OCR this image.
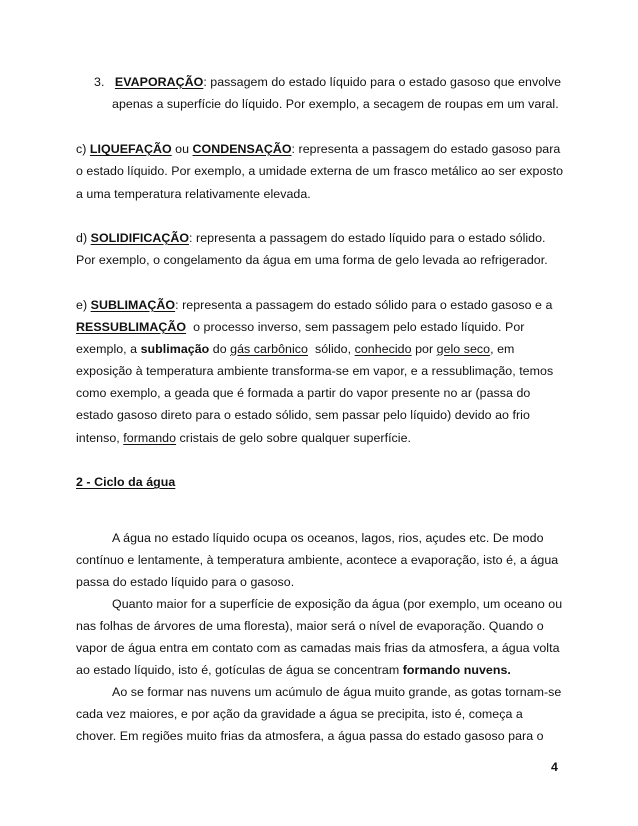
3. EVAPORAÇÃO: passagem do estado líquido para o estado gasoso que envolve
apenas a superfície do líquido. Por exemplo, a secagem de roupas em um varal.
c) LIQUEFAÇÃO ou CONDENSAÇÃO: representa a passagem do estado gasoso para
o estado líquido. Por exemplo, a umidade externa de um frasco metálico ao ser exposto
a uma temperatura relativamente elevada.
d) SOLIDIFICAÇÃO: representa a passagem do estado líquido para o estado sólido.
Por exemplo, o congelamento da água em uma forma de gelo levada ao refrigerador.
e) SUBLIMAÇÃO: representa a passagem do estado sólido para o estado gasoso e a
RESSUBLIMAÇÃO  o processo inverso, sem passagem pelo estado líquido. Por
exemplo, a sublimação do gás carbônico  sólido, conhecido por gelo seco, em
exposição à temperatura ambiente transforma-se em vapor, e a ressublimação, temos
como exemplo, a geada que é formada a partir do vapor presente no ar (passa do
estado gasoso direto para o estado sólido, sem passar pelo líquido) devido ao frio
intenso, formando cristais de gelo sobre qualquer superfície.
2 - Ciclo da água
A água no estado líquido ocupa os oceanos, lagos, rios, açudes etc. De modo
contínuo e lentamente, à temperatura ambiente, acontece a evaporação, isto é, a água
passa do estado líquido para o gasoso.
Quanto maior for a superfície de exposição da água (por exemplo, um oceano ou
nas folhas de árvores de uma floresta), maior será o nível de evaporação. Quando o
vapor de água entra em contato com as camadas mais frias da atmosfera, a água volta
ao estado líquido, isto é, gotículas de água se concentram formando nuvens.
Ao se formar nas nuvens um acúmulo de água muito grande, as gotas tornam-se
cada vez maiores, e por ação da gravidade a água se precipita, isto é, começa a
chover. Em regiões muito frias da atmosfera, a água passa do estado gasoso para o
4
